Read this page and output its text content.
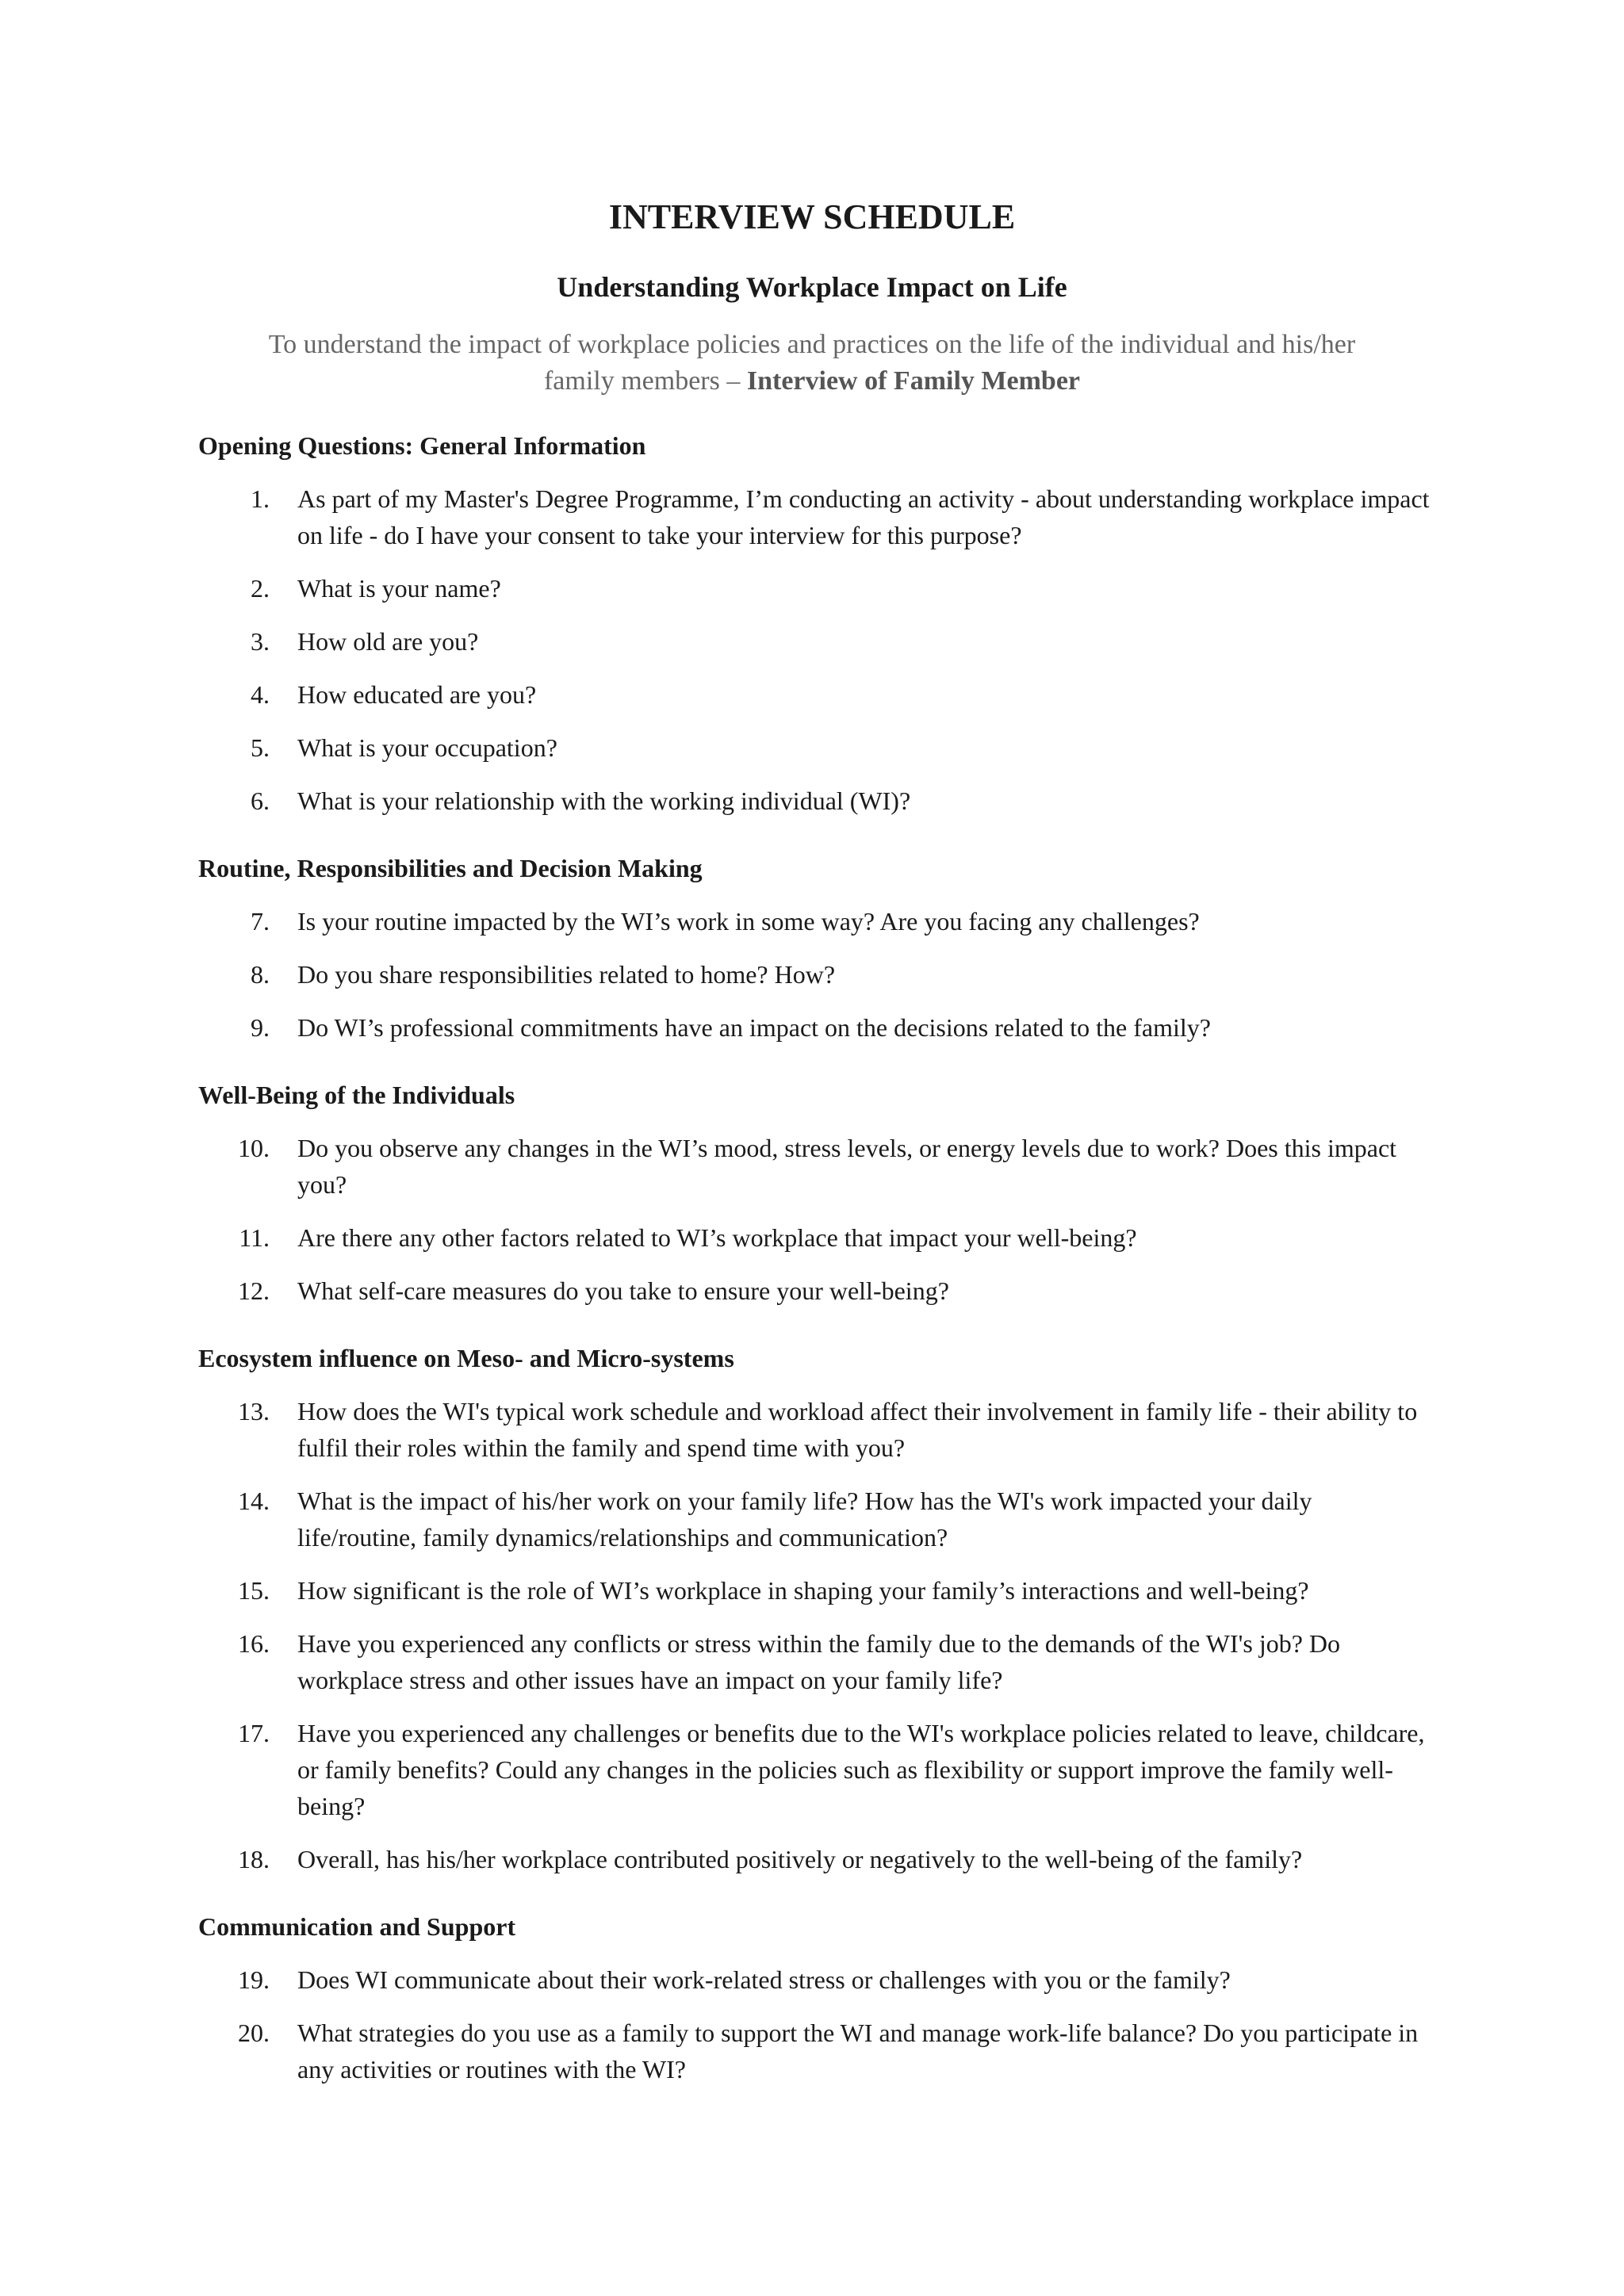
INTERVIEW SCHEDULE
Understanding Workplace Impact on Life

To understand the impact of workplace policies and practices on the life of the individual and his/her family members – Interview of Family Member

Opening Questions: General Information
1. As part of my Master's Degree Programme, I’m conducting an activity - about understanding workplace impact on life - do I have your consent to take your interview for this purpose?
2. What is your name?
3. How old are you?
4. How educated are you?
5. What is your occupation?
6. What is your relationship with the working individual (WI)?
Routine, Responsibilities and Decision Making
7. Is your routine impacted by the WI’s work in some way? Are you facing any challenges?
8. Do you share responsibilities related to home? How?
9. Do WI’s professional commitments have an impact on the decisions related to the family?
Well-Being of the Individuals
10. Do you observe any changes in the WI’s mood, stress levels, or energy levels due to work? Does this impact you?
11. Are there any other factors related to WI’s workplace that impact your well-being?
12. What self-care measures do you take to ensure your well-being?
Ecosystem influence on Meso- and Micro-systems
13. How does the WI's typical work schedule and workload affect their involvement in family life - their ability to fulfil their roles within the family and spend time with you?
14. What is the impact of his/her work on your family life? How has the WI's work impacted your daily life/routine, family dynamics/relationships and communication?
15. How significant is the role of WI’s workplace in shaping your family’s interactions and well-being?
16. Have you experienced any conflicts or stress within the family due to the demands of the WI's job? Do workplace stress and other issues have an impact on your family life?
17. Have you experienced any challenges or benefits due to the WI's workplace policies related to leave, childcare, or family benefits? Could any changes in the policies such as flexibility or support improve the family well-being?
18. Overall, has his/her workplace contributed positively or negatively to the well-being of the family?
Communication and Support
19. Does WI communicate about their work-related stress or challenges with you or the family?
20. What strategies do you use as a family to support the WI and manage work-life balance? Do you participate in any activities or routines with the WI?
